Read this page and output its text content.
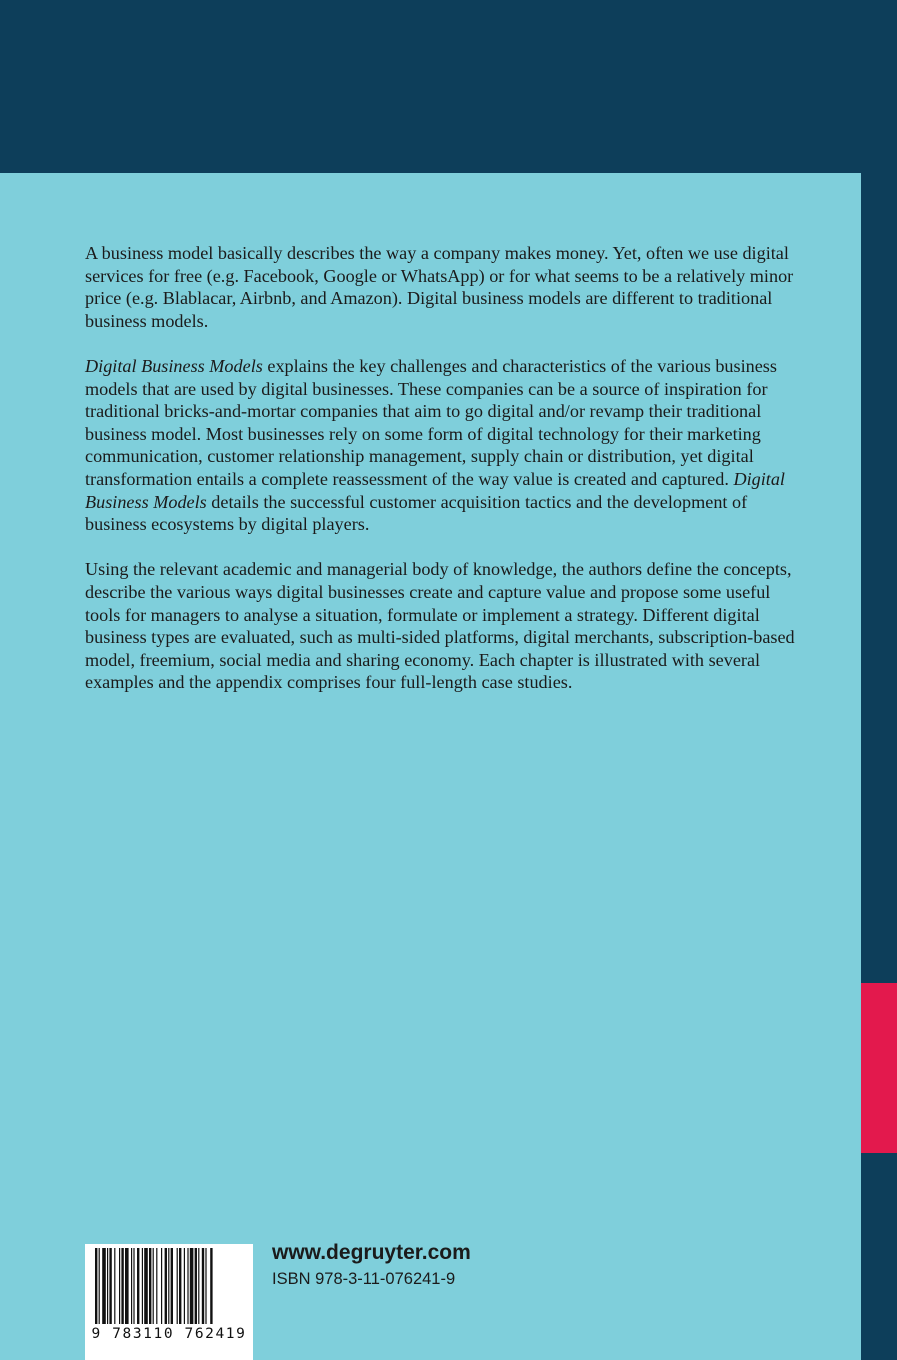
A business model basically describes the way a company makes money. Yet, often we use digital services for free (e.g. Facebook, Google or WhatsApp) or for what seems to be a relatively minor price (e.g. Blablacar, Airbnb, and Amazon). Digital business models are different to traditional business models.

Digital Business Models explains the key challenges and characteristics of the various business models that are used by digital businesses. These companies can be a source of inspiration for traditional bricks-and-mortar companies that aim to go digital and/or revamp their traditional business model. Most businesses rely on some form of digital technology for their marketing communication, customer relationship management, supply chain or distribution, yet digital transformation entails a complete reassessment of the way value is created and captured. Digital Business Models details the successful customer acquisition tactics and the development of business ecosystems by digital players.

Using the relevant academic and managerial body of knowledge, the authors define the concepts, describe the various ways digital businesses create and capture value and propose some useful tools for managers to analyse a situation, formulate or implement a strategy. Different digital business types are evaluated, such as multi-sided platforms, digital merchants, subscription-based model, freemium, social media and sharing economy. Each chapter is illustrated with several examples and the appendix comprises four full-length case studies.

9 783110 762419
www.degruyter.com
ISBN 978-3-11-076241-9
